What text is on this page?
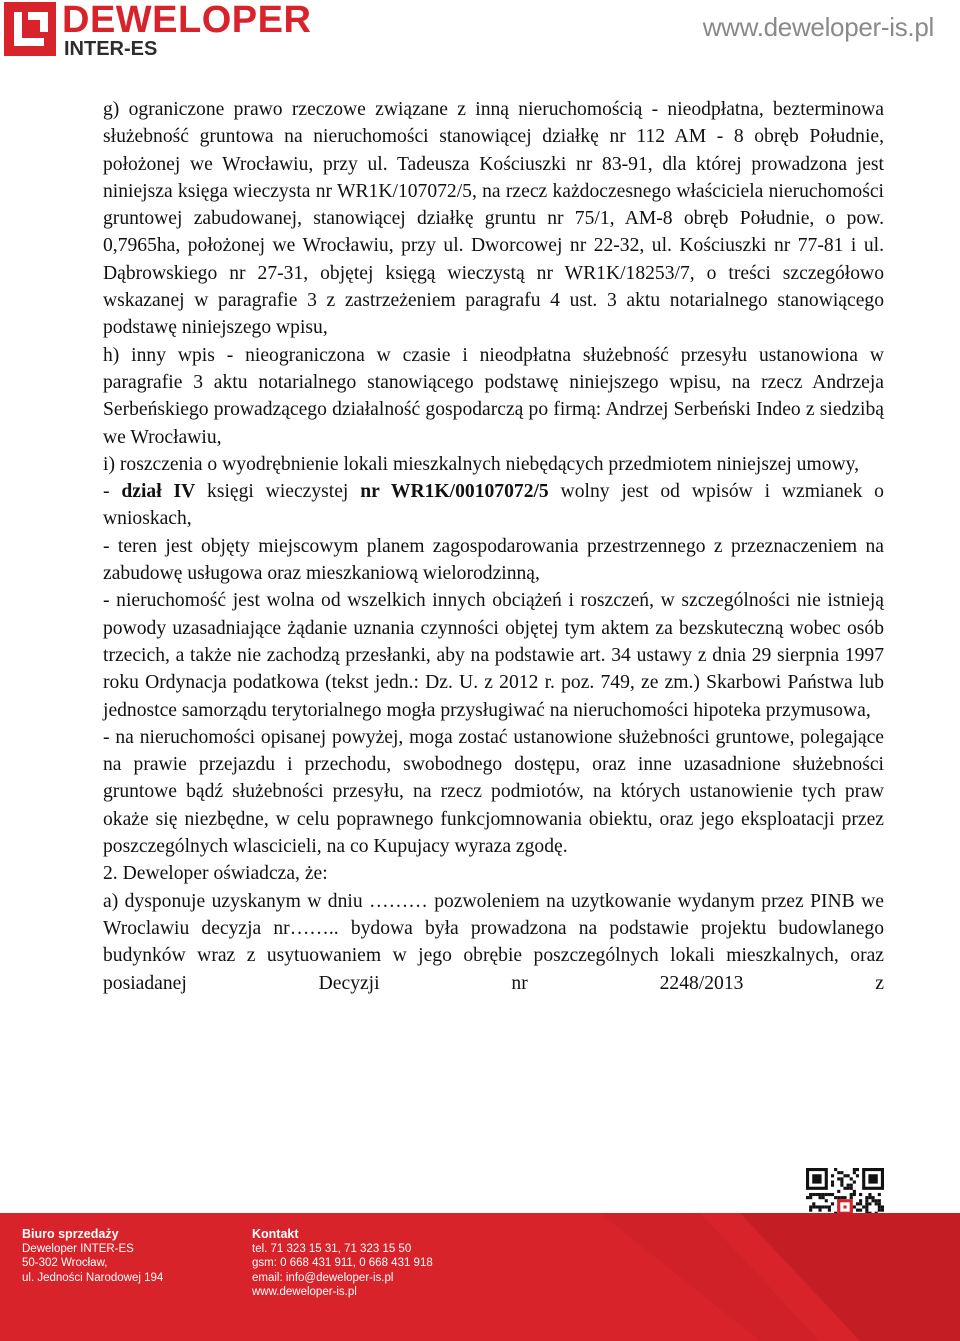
DEWELOPER
INTER-ES
www.deweloper-is.pl

g) ograniczone prawo rzeczowe związane z inną nieruchomością - nieodpłatna, bezterminowa służebność gruntowa na nieruchomości stanowiącej działkę nr 112 AM - 8 obręb Południe, położonej we Wrocławiu, przy ul. Tadeusza Kościuszki nr 83-91, dla której prowadzona jest niniejsza księga wieczysta nr WR1K/107072/5, na rzecz każdoczesnego właściciela nieruchomości gruntowej zabudowanej, stanowiącej działkę gruntu nr 75/1, AM-8 obręb Południe, o pow. 0,7965ha, położonej we Wrocławiu, przy ul. Dworcowej nr 22-32, ul. Kościuszki nr 77-81 i ul. Dąbrowskiego nr 27-31, objętej księgą wieczystą nr WR1K/18253/7, o treści szczegółowo wskazanej w paragrafie 3 z zastrzeżeniem paragrafu 4 ust. 3 aktu notarialnego stanowiącego podstawę niniejszego wpisu,

h) inny wpis - nieograniczona w czasie i nieodpłatna służebność przesyłu ustanowiona w paragrafie 3 aktu notarialnego stanowiącego podstawę niniejszego wpisu, na rzecz Andrzeja Serbeńskiego prowadzącego działalność gospodarczą po firmą: Andrzej Serbeński Indeo z siedzibą we Wrocławiu,

i) roszczenia o wyodrębnienie lokali mieszkalnych niebędących przedmiotem niniejszej umowy,

- dział IV księgi wieczystej nr WR1K/00107072/5 wolny jest od wpisów i wzmianek o wnioskach,

- teren jest objęty miejscowym planem zagospodarowania przestrzennego z przeznaczeniem na zabudowę usługowa oraz mieszkaniową wielorodzinną,

- nieruchomość jest wolna od wszelkich innych obciążeń i roszczeń, w szczególności nie istnieją powody uzasadniające żądanie uznania czynności objętej tym aktem za bezskuteczną wobec osób trzecich, a także nie zachodzą przesłanki, aby na podstawie art. 34 ustawy z dnia 29 sierpnia 1997 roku Ordynacja podatkowa (tekst jedn.: Dz. U. z 2012 r. poz. 749, ze zm.) Skarbowi Państwa lub jednostce samorządu terytorialnego mogła przysługiwać na nieruchomości hipoteka przymusowa,

- na nieruchomości opisanej powyżej, moga zostać ustanowione służebności gruntowe, polegające na prawie przejazdu i przechodu, swobodnego dostępu, oraz inne uzasadnione służebności gruntowe bądź służebności przesyłu, na rzecz podmiotów, na których ustanowienie tych praw okaże się niezbędne, w celu poprawnego funkcjomnowania obiektu, oraz jego eksploatacji przez poszczególnych wlascicieli, na co Kupujacy wyraza zgodę.

2. Deweloper oświadcza, że:

a) dysponuje uzyskanym w dniu ……… pozwoleniem na uzytkowanie wydanym przez PINB we Wroclawiu decyzja nr…….. bydowa była prowadzona na podstawie projektu budowlanego budynków wraz z usytuowaniem w jego obrębie poszczególnych lokali mieszkalnych, oraz posiadanej Decyzji nr 2248/2013 z

Biuro sprzedaży
Deweloper INTER-ES
50-302 Wrocław,
ul. Jedności Narodowej 194
Kontakt
tel. 71 323 15 31, 71 323 15 50
gsm: 0 668 431 911, 0 668 431 918
email: info@deweloper-is.pl
www.deweloper-is.pl
